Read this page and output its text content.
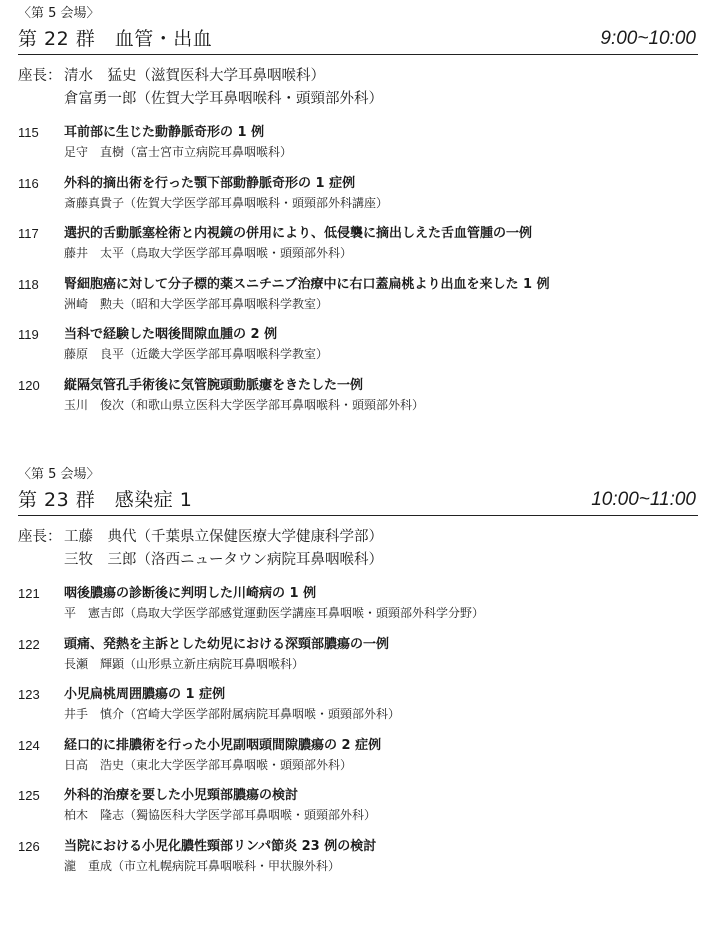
〈第 5 会場〉
第 22 群　血管・出血	9:00~10:00
座長： 清水　猛史（滋賀医科大学耳鼻咽喉科）
倉富勇一郎（佐賀大学耳鼻咽喉科・頭頸部外科）
115 耳前部に生じた動静脈奇形の 1 例
足守　直樹（富士宮市立病院耳鼻咽喉科）
116 外科的摘出術を行った顎下部動静脈奇形の 1 症例
斎藤真貴子（佐賀大学医学部耳鼻咽喉科・頭頸部外科講座）
117 選択的舌動脈塞栓術と内視鏡の併用により、低侵襲に摘出しえた舌血管腫の一例
藤井　太平（鳥取大学医学部耳鼻咽喉・頭頸部外科）
118 腎細胞癌に対して分子標的薬スニチニブ治療中に右口蓋扁桃より出血を来した 1 例
洲崎　勲夫（昭和大学医学部耳鼻咽喉科学教室）
119 当科で経験した咽後間隙血腫の 2 例
藤原　良平（近畿大学医学部耳鼻咽喉科学教室）
120 縦隔気管孔手術後に気管腕頭動脈瘻をきたした一例
玉川　俊次（和歌山県立医科大学医学部耳鼻咽喉科・頭頸部外科）
〈第 5 会場〉
第 23 群　感染症 1	10:00~11:00
座長： 工藤　典代（千葉県立保健医療大学健康科学部）
三牧　三郎（洛西ニュータウン病院耳鼻咽喉科）
121 咽後膿瘍の診断後に判明した川崎病の 1 例
平　憲吉郎（鳥取大学医学部感覚運動医学講座耳鼻咽喉・頭頸部外科学分野）
122 頭痛、発熱を主訴とした幼児における深頸部膿瘍の一例
長瀬　輝顕（山形県立新庄病院耳鼻咽喉科）
123 小児扁桃周囲膿瘍の 1 症例
井手　慎介（宮崎大学医学部附属病院耳鼻咽喉・頭頸部外科）
124 経口的に排膿術を行った小児副咽頭間隙膿瘍の 2 症例
日高　浩史（東北大学医学部耳鼻咽喉・頭頸部外科）
125 外科的治療を要した小児頸部膿瘍の検討
柏木　隆志（獨協医科大学医学部耳鼻咽喉・頭頸部外科）
126 当院における小児化膿性頸部リンパ節炎 23 例の検討
瀧　重成（市立札幌病院耳鼻咽喉科・甲状腺外科）
